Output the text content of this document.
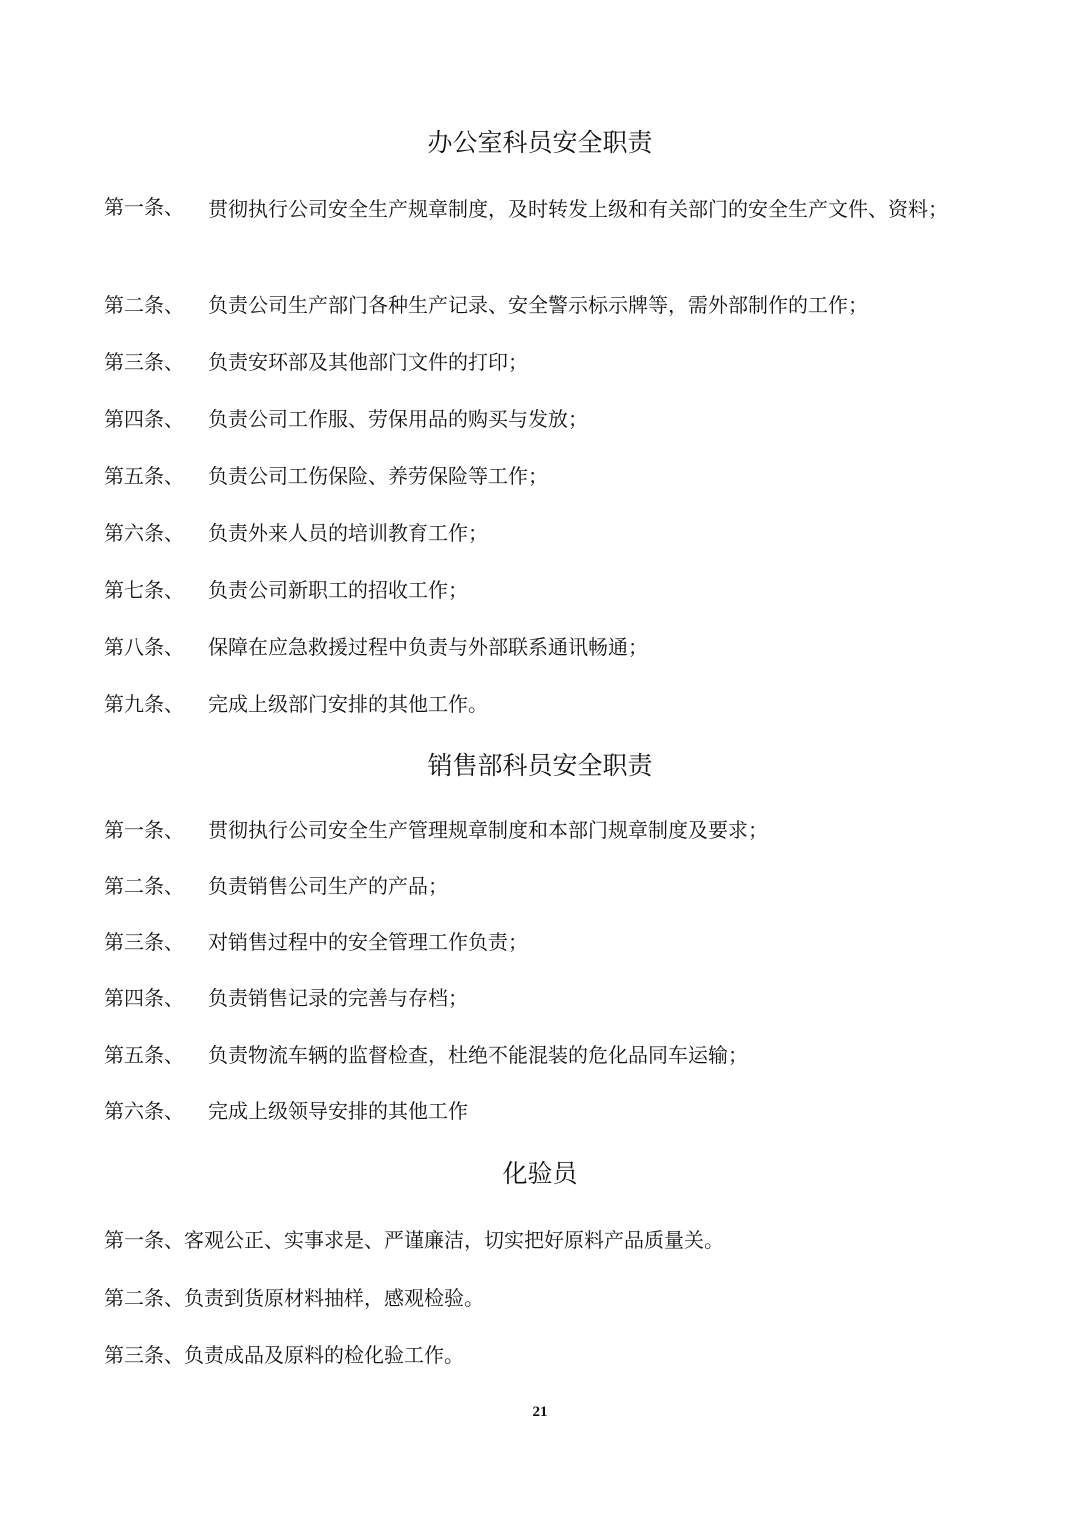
办公室科员安全职责
第一条、 贯彻执行公司安全生产规章制度，及时转发上级和有关部门的安全生产文件、资料；
第二条、 负责公司生产部门各种生产记录、安全警示标示牌等，需外部制作的工作；
第三条、 负责安环部及其他部门文件的打印；
第四条、 负责公司工作服、劳保用品的购买与发放；
第五条、 负责公司工伤保险、养劳保险等工作；
第六条、 负责外来人员的培训教育工作；
第七条、 负责公司新职工的招收工作；
第八条、 保障在应急救援过程中负责与外部联系通讯畅通；
第九条、 完成上级部门安排的其他工作。
销售部科员安全职责
第一条、 贯彻执行公司安全生产管理规章制度和本部门规章制度及要求；
第二条、 负责销售公司生产的产品；
第三条、 对销售过程中的安全管理工作负责；
第四条、 负责销售记录的完善与存档；
第五条、 负责物流车辆的监督检查，杜绝不能混装的危化品同车运输；
第六条、 完成上级领导安排的其他工作
化验员
第一条、客观公正、实事求是、严谨廉洁，切实把好原料产品质量关。
第二条、负责到货原材料抽样，感观检验。
第三条、负责成品及原料的检化验工作。
21
